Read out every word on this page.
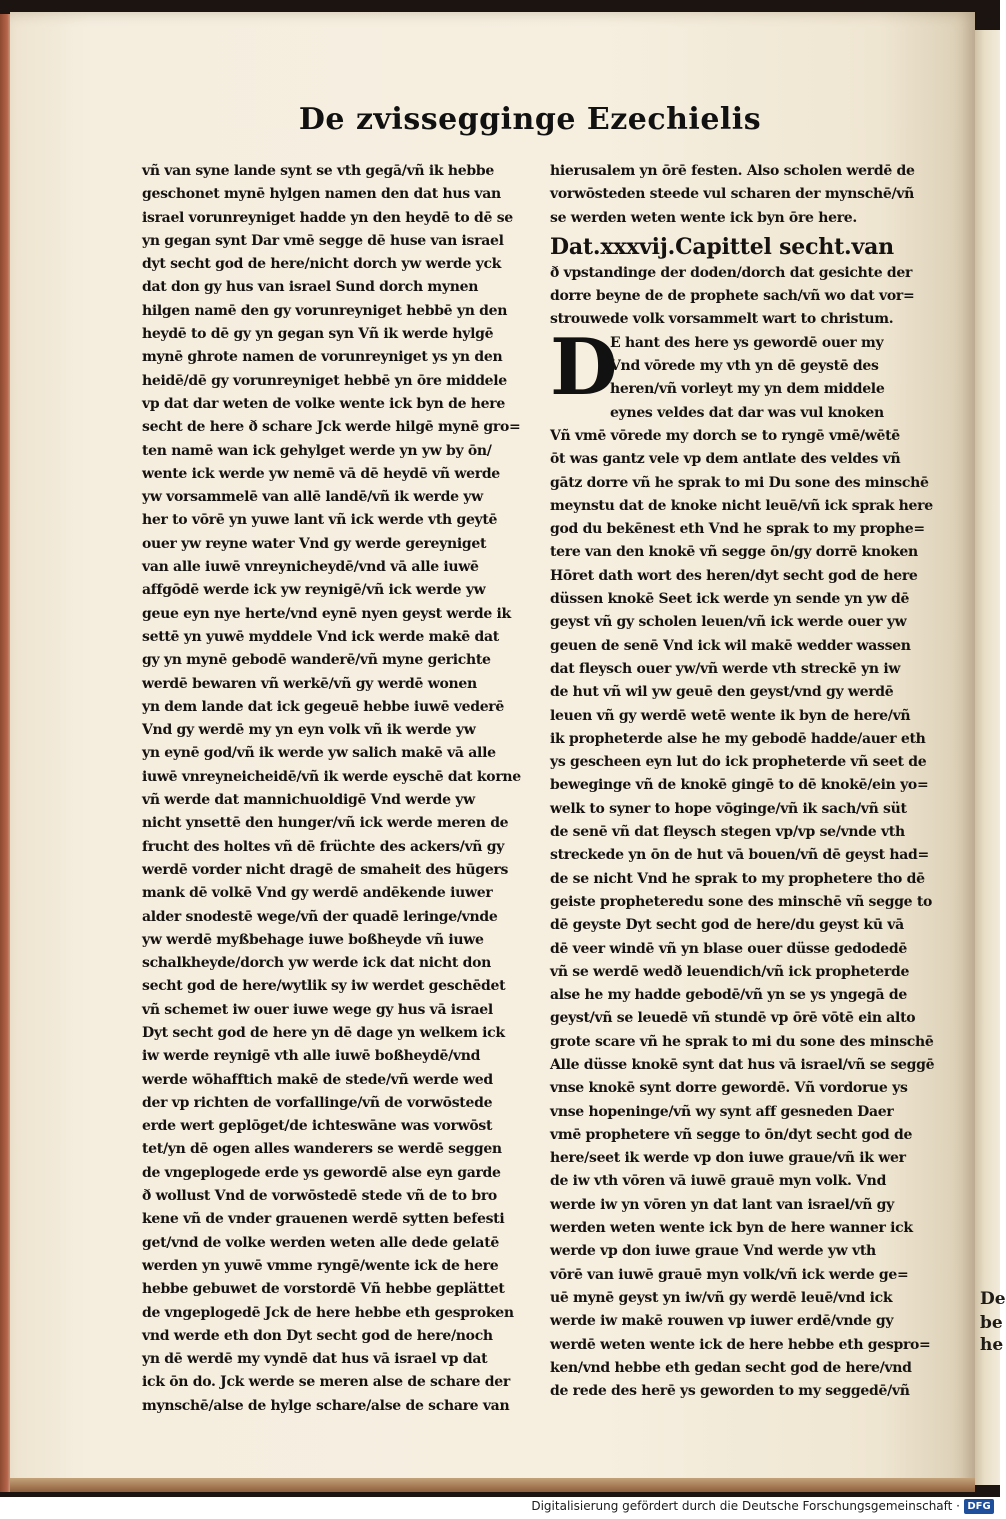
De
be
he
De zvissegginge Ezechielis
vñ van syne lande synt se vth gegā/vñ ik hebbe
geschonet mynē hylgen namen den dat hus van
israel vorunreyniget hadde yn den heydē to dē se
yn gegan synt Dar vmē segge dē huse van israel
dyt secht god de here/nicht dorch yw werde yck
dat don gy hus van israel Sund dorch mynen
hilgen namē den gy vorunreyniget hebbē yn den
heydē to dē gy yn gegan syn Vñ ik werde hylgē
mynē ghrote namen de vorunreyniget ys yn den
heidē/dē gy vorunreyniget hebbē yn ōre middele
vp dat dar weten de volke wente ick byn de here
secht de here ð schare Jck werde hilgē mynē gro=
ten namē wan ick gehylget werde yn yw by ōn/
wente ick werde yw nemē vā dē heydē vñ werde
yw vorsammelē van allē landē/vñ ik werde yw
her to vōrē yn yuwe lant vñ ick werde vth geytē
ouer yw reyne water Vnd gy werde gereyniget
van alle iuwē vnreynicheydē/vnd vā alle iuwē
affgōdē werde ick yw reynigē/vñ ick werde yw
geue eyn nye herte/vnd eynē nyen geyst werde ik
settē yn yuwē myddele Vnd ick werde makē dat
gy yn mynē gebodē wanderē/vñ myne gerichte
werdē bewaren vñ werkē/vñ gy werdē wonen
yn dem lande dat ick gegeuē hebbe iuwē vederē
Vnd gy werdē my yn eyn volk vñ ik werde yw
yn eynē god/vñ ik werde yw salich makē vā alle
iuwē vnreyneicheidē/vñ ik werde eyschē dat korne
vñ werde dat mannichuoldigē Vnd werde yw
nicht ynsettē den hunger/vñ ick werde meren de
frucht des holtes vñ dē früchte des ackers/vñ gy
werdē vorder nicht dragē de smaheit des hūgers
mank dē volkē Vnd gy werdē andēkende iuwer
alder snodestē wege/vñ der quadē leringe/vnde
yw werdē myßbehage iuwe boßheyde vñ iuwe
schalkheyde/dorch yw werde ick dat nicht don
secht god de here/wytlik sy iw werdet geschēdet
vñ schemet iw ouer iuwe wege gy hus vā israel
Dyt secht god de here yn dē dage yn welkem ick
iw werde reynigē vth alle iuwē boßheydē/vnd
werde wōhafftich makē de stede/vñ werde wed
der vp richten de vorfallinge/vñ de vorwōstede
erde wert geplōget/de ichteswāne was vorwōst
tet/yn dē ogen alles wanderers se werdē seggen
de vngeplogede erde ys gewordē alse eyn garde
ð wollust Vnd de vorwōstedē stede vñ de to bro
kene vñ de vnder grauenen werdē sytten befesti
get/vnd de volke werden weten alle dede gelatē
werden yn yuwē vmme ryngē/wente ick de here
hebbe gebuwet de vorstordē Vñ hebbe geplättet
de vngeplogedē Jck de here hebbe eth gesproken
vnd werde eth don Dyt secht god de here/noch
yn dē werdē my vyndē dat hus vā israel vp dat
ick ōn do. Jck werde se meren alse de schare der
mynschē/alse de hylge schare/alse de schare van
hierusalem yn ōrē festen. Also scholen werdē de
vorwōsteden steede vul scharen der mynschē/vñ
se werden weten wente ick byn ōre here.
Dat.xxxvij.Capittel secht.van
ð vpstandinge der doden/dorch dat gesichte der
dorre beyne de de prophete sach/vñ wo dat vor=
strouwede volk vorsammelt wart to christum.
D
E hant des here ys gewordē ouer my
Vnd vōrede my vth yn dē geystē des
heren/vñ vorleyt my yn dem middele
eynes veldes dat dar was vul knoken
Vñ vmē vōrede my dorch se to ryngē vmē/wētē
ōt was gantz vele vp dem antlate des veldes vñ
gātz dorre vñ he sprak to mi Du sone des minschē
meynstu dat de knoke nicht leuē/vñ ick sprak here
god du bekēnest eth Vnd he sprak to my prophe=
tere van den knokē vñ segge ōn/gy dorrē knoken
Hōret dath wort des heren/dyt secht god de here
düssen knokē Seet ick werde yn sende yn yw dē
geyst vñ gy scholen leuen/vñ ick werde ouer yw
geuen de senē Vnd ick wil makē wedder wassen
dat fleysch ouer yw/vñ werde vth streckē yn iw
de hut vñ wil yw geuē den geyst/vnd gy werdē
leuen vñ gy werdē wetē wente ik byn de here/vñ
ik propheterde alse he my gebodē hadde/auer eth
ys gescheen eyn lut do ick propheterde vñ seet de
beweginge vñ de knokē gingē to dē knokē/ein yo=
welk to syner to hope vōginge/vñ ik sach/vñ süt
de senē vñ dat fleysch stegen vp/vp se/vnde vth
streckede yn ōn de hut vā bouen/vñ dē geyst had=
de se nicht Vnd he sprak to my prophetere tho dē
geiste propheteredu sone des minschē vñ segge to
dē geyste Dyt secht god de here/du geyst kū vā
dē veer windē vñ yn blase ouer düsse gedodedē
vñ se werdē wedð leuendich/vñ ick propheterde
alse he my hadde gebodē/vñ yn se ys yngegā de
geyst/vñ se leuedē vñ stundē vp ōrē vōtē ein alto
grote scare vñ he sprak to mi du sone des minschē
Alle düsse knokē synt dat hus vā israel/vñ se seggē
vnse knokē synt dorre gewordē. Vñ vordorue ys
vnse hopeninge/vñ wy synt aff gesneden Daer
vmē prophetere vñ segge to ōn/dyt secht god de
here/seet ik werde vp don iuwe graue/vñ ik wer
de iw vth vōren vā iuwē grauē myn volk. Vnd
werde iw yn vōren yn dat lant van israel/vñ gy
werden weten wente ick byn de here wanner ick
werde vp don iuwe graue Vnd werde yw vth
vōrē van iuwē grauē myn volk/vñ ick werde ge=
uē mynē geyst yn iw/vñ gy werdē leuē/vnd ick
werde iw makē rouwen vp iuwer erdē/vnde gy
werdē weten wente ick de here hebbe eth gespro=
ken/vnd hebbe eth gedan secht god de here/vnd
de rede des herē ys geworden to my seggedē/vñ
Digitalisierung gefördert durch die Deutsche Forschungsgemeinschaft · DFG
